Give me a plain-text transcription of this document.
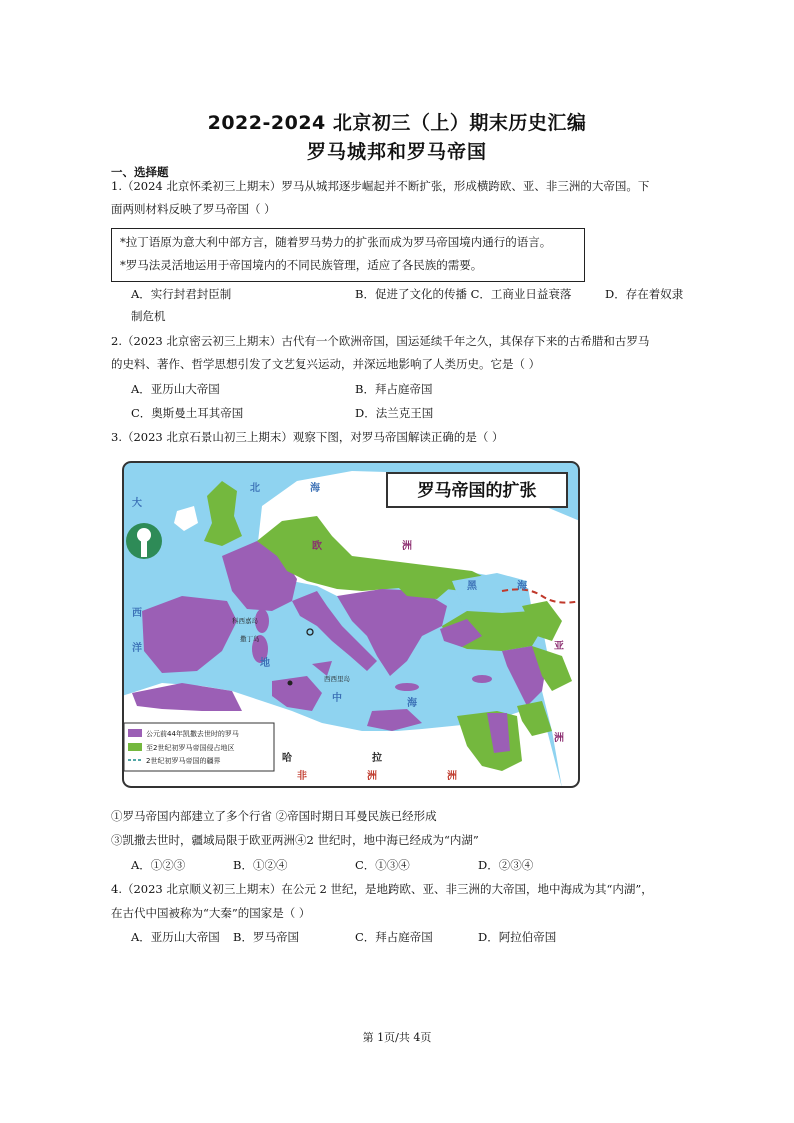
2022-2024 北京初三（上）期末历史汇编
罗马城邦和罗马帝国
一、选择题
1.（2024 北京怀柔初三上期末）罗马从城邦逐步崛起并不断扩张，形成横跨欧、亚、非三洲的大帝国。下
面两则材料反映了罗马帝国（ ）
*拉丁语原为意大利中部方言，随着罗马势力的扩张而成为罗马帝国境内通行的语言。
*罗马法灵活地运用于帝国境内的不同民族管理，适应了各民族的需要。
A．实行封君封臣制	B．促进了文化的传播 C．工商业日益衰落	D．存在着奴隶
制危机
2.（2023 北京密云初三上期末）古代有一个欧洲帝国，国运延续千年之久，其保存下来的古希腊和古罗马
的史料、著作、哲学思想引发了文艺复兴运动，并深远地影响了人类历史。它是（ ）
A．亚历山大帝国	B．拜占庭帝国
C．奥斯曼土耳其帝国	D．法兰克王国
3.（2023 北京石景山初三上期末）观察下图，对罗马帝国解读正确的是（ ）
罗马帝国的扩张
大
西
洋
北	海
黑	海
地
中	海
欧	洲
亚
洲
非	洲
洲
哈	拉
科西嘉岛
撒丁岛
西西里岛
公元前44年凯撒去世时的罗马
至2世纪初罗马帝国侵占地区
2世纪初罗马帝国的疆界
①罗马帝国内部建立了多个行省 ②帝国时期日耳曼民族已经形成
③凯撒去世时，疆域局限于欧亚两洲④2 世纪时，地中海已经成为“内湖”
A．①②③	B．①②④	C．①③④	D．②③④
4.（2023 北京顺义初三上期末）在公元 2 世纪，是地跨欧、亚、非三洲的大帝国，地中海成为其“内湖”，
在古代中国被称为“大秦”的国家是（ ）
A．亚历山大帝国 B．罗马帝国	C．拜占庭帝国	D．阿拉伯帝国
第 1页/共 4页
